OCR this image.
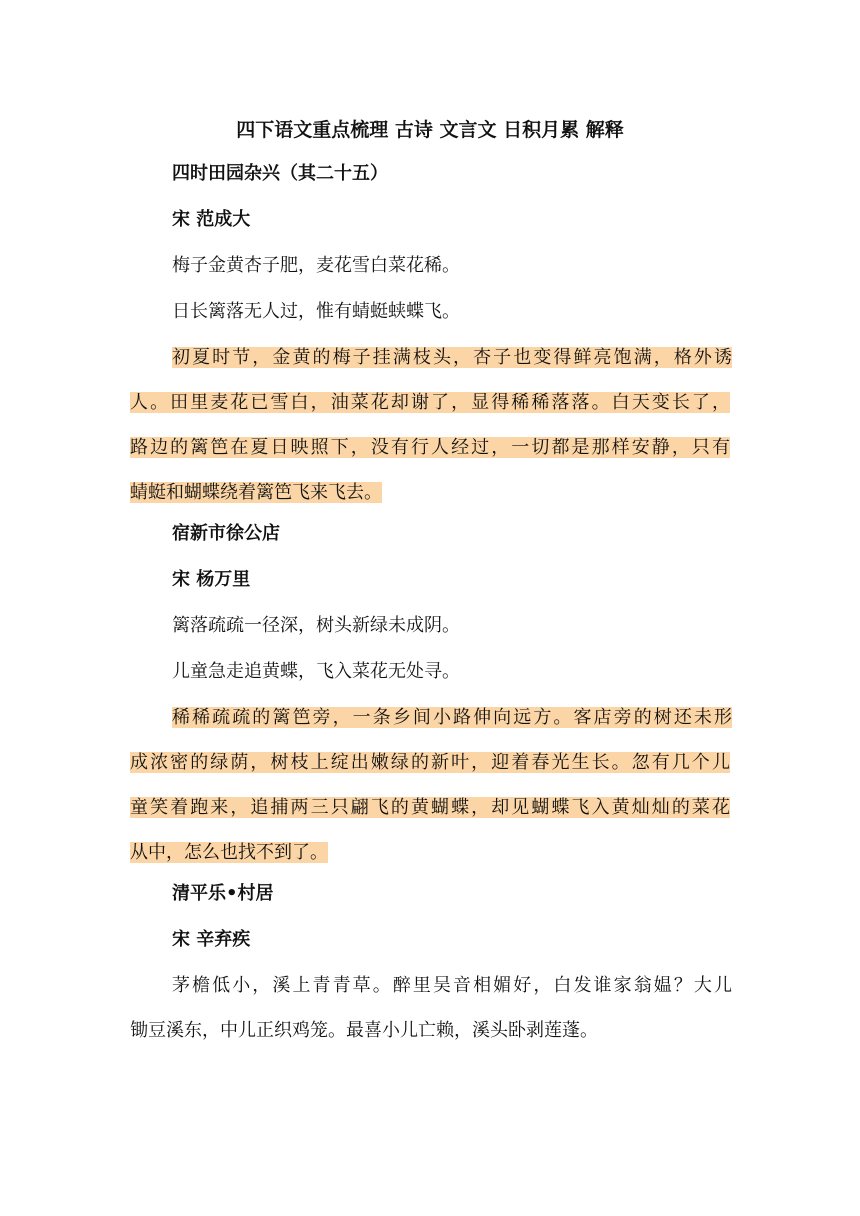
四下语文重点梳理 古诗 文言文 日积月累 解释
四时田园杂兴（其二十五）
宋 范成大
梅子金黄杏子肥，麦花雪白菜花稀。
日长篱落无人过，惟有蜻蜓蛱蝶飞。
初夏时节，金黄的梅子挂满枝头，杏子也变得鲜亮饱满，格外诱
人。田里麦花已雪白，油菜花却谢了，显得稀稀落落。白天变长了，
路边的篱笆在夏日映照下，没有行人经过，一切都是那样安静，只有
蜻蜓和蝴蝶绕着篱笆飞来飞去。
宿新市徐公店
宋 杨万里
篱落疏疏一径深，树头新绿未成阴。
儿童急走追黄蝶，飞入菜花无处寻。
稀稀疏疏的篱笆旁，一条乡间小路伸向远方。客店旁的树还未形
成浓密的绿荫，树枝上绽出嫩绿的新叶，迎着春光生长。忽有几个儿
童笑着跑来，追捕两三只翩飞的黄蝴蝶，却见蝴蝶飞入黄灿灿的菜花
从中，怎么也找不到了。
清平乐•村居
宋 辛弃疾
茅檐低小，溪上青青草。醉里吴音相媚好，白发谁家翁媪？大儿
锄豆溪东，中儿正织鸡笼。最喜小儿亡赖，溪头卧剥莲蓬。
